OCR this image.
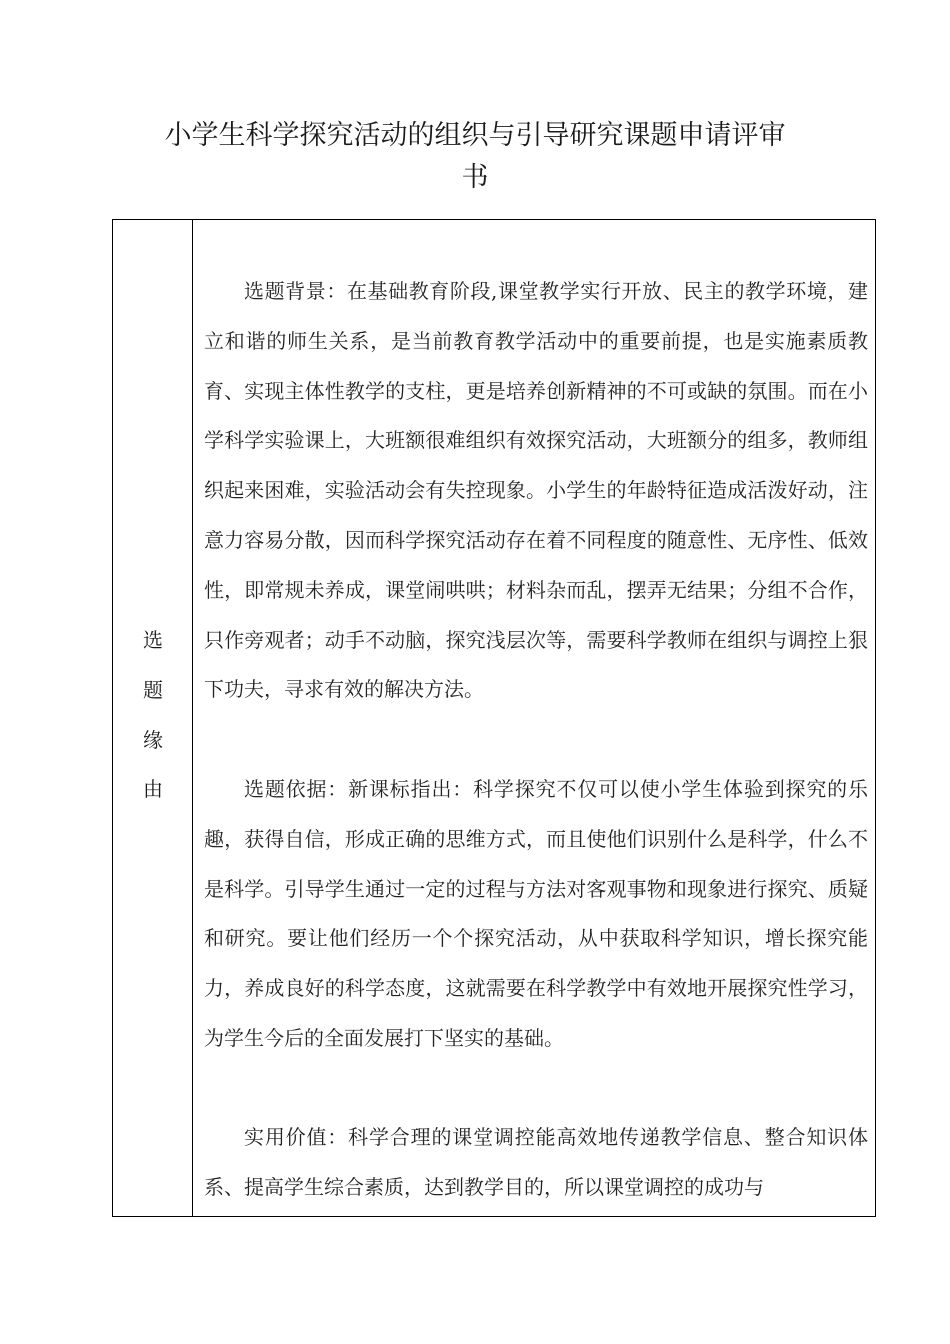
小学生科学探究活动的组织与引导研究课题申请评审
书
选
题
缘
由

选题背景：在基础教育阶段,课堂教学实行开放、民主的教学环境，建立和谐的师生关系，是当前教育教学活动中的重要前提，也是实施素质教育、实现主体性教学的支柱，更是培养创新精神的不可或缺的氛围。而在小学科学实验课上，大班额很难组织有效探究活动，大班额分的组多，教师组织起来困难，实验活动会有失控现象。小学生的年龄特征造成活泼好动，注意力容易分散，因而科学探究活动存在着不同程度的随意性、无序性、低效性，即常规未养成，课堂闹哄哄；材料杂而乱，摆弄无结果；分组不合作，只作旁观者；动手不动脑，探究浅层次等，需要科学教师在组织与调控上狠下功夫，寻求有效的解决方法。

选题依据：新课标指出：科学探究不仅可以使小学生体验到探究的乐趣，获得自信，形成正确的思维方式，而且使他们识别什么是科学，什么不是科学。引导学生通过一定的过程与方法对客观事物和现象进行探究、质疑和研究。要让他们经历一个个探究活动，从中获取科学知识，增长探究能力，养成良好的科学态度，这就需要在科学教学中有效地开展探究性学习，为学生今后的全面发展打下坚实的基础。

实用价值：科学合理的课堂调控能高效地传递教学信息、整合知识体系、提高学生综合素质，达到教学目的，所以课堂调控的成功与
